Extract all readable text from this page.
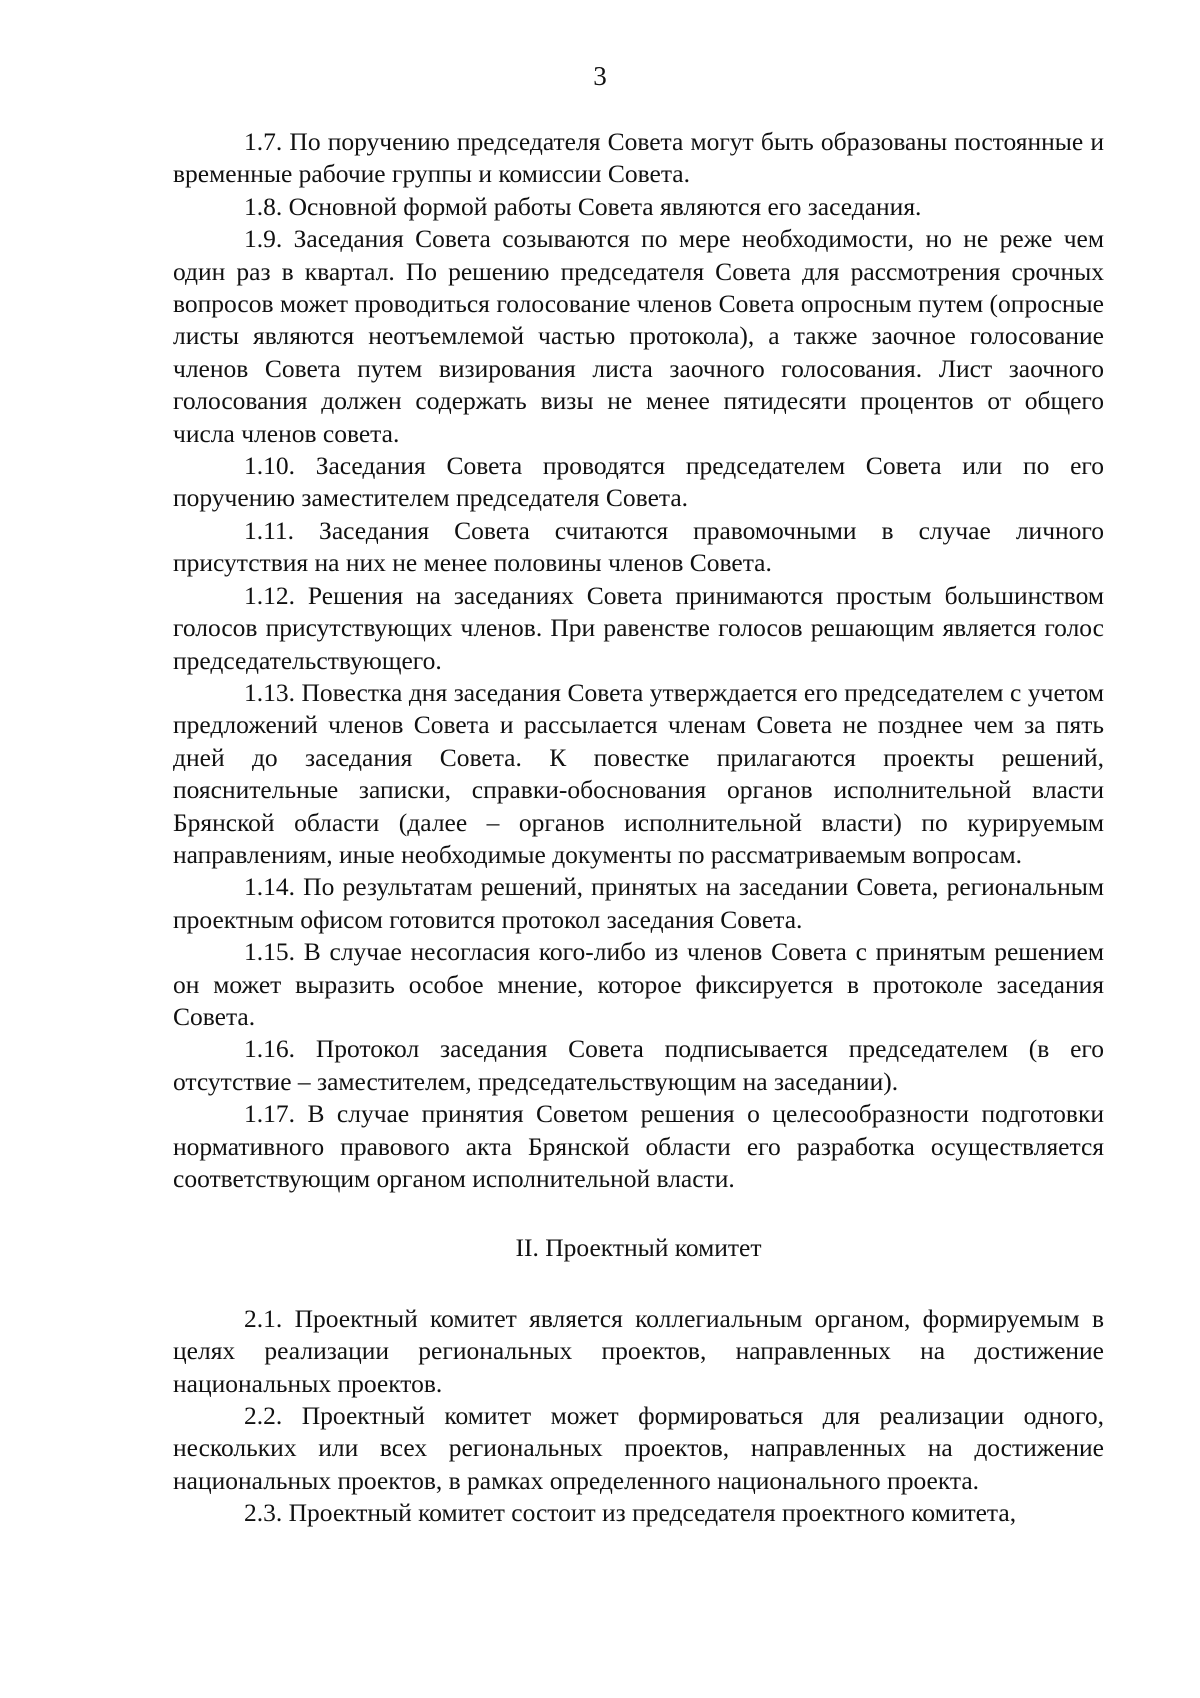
3

1.7. По поручению председателя Совета могут быть образованы постоянные и временные рабочие группы и комиссии Совета.

1.8. Основной формой работы Совета являются его заседания.

1.9. Заседания Совета созываются по мере необходимости, но не реже чем один раз в квартал. По решению председателя Совета для рассмотрения срочных вопросов может проводиться голосование членов Совета опросным путем (опросные листы являются неотъемлемой частью протокола), а также заочное голосование членов Совета путем визирования листа заочного голосования. Лист заочного голосования должен содержать визы не менее пятидесяти процентов от общего числа членов совета.

1.10. Заседания Совета проводятся председателем Совета или по его поручению заместителем председателя Совета.

1.11. Заседания Совета считаются правомочными в случае личного присутствия на них не менее половины членов Совета.

1.12. Решения на заседаниях Совета принимаются простым большинством голосов присутствующих членов. При равенстве голосов решающим является голос председательствующего.

1.13. Повестка дня заседания Совета утверждается его председателем с учетом предложений членов Совета и рассылается членам Совета не позднее чем за пять дней до заседания Совета. К повестке прилагаются проекты решений, пояснительные записки, справки-обоснования органов исполнительной власти Брянской области (далее – органов исполнительной власти) по курируемым направлениям, иные необходимые документы по рассматриваемым вопросам.

1.14. По результатам решений, принятых на заседании Совета, региональным проектным офисом готовится протокол заседания Совета.

1.15. В случае несогласия кого-либо из членов Совета с принятым решением он может выразить особое мнение, которое фиксируется в протоколе заседания Совета.

1.16. Протокол заседания Совета подписывается председателем (в его отсутствие – заместителем, председательствующим на заседании).

1.17. В случае принятия Советом решения о целесообразности подготовки нормативного правового акта Брянской области его разработка осуществляется соответствующим органом исполнительной власти.

II. Проектный комитет

2.1. Проектный комитет является коллегиальным органом, формируемым в целях реализации региональных проектов, направленных на достижение национальных проектов.

2.2. Проектный комитет может формироваться для реализации одного, нескольких или всех региональных проектов, направленных на достижение национальных проектов, в рамках определенного национального проекта.

2.3. Проектный комитет состоит из председателя проектного комитета,
